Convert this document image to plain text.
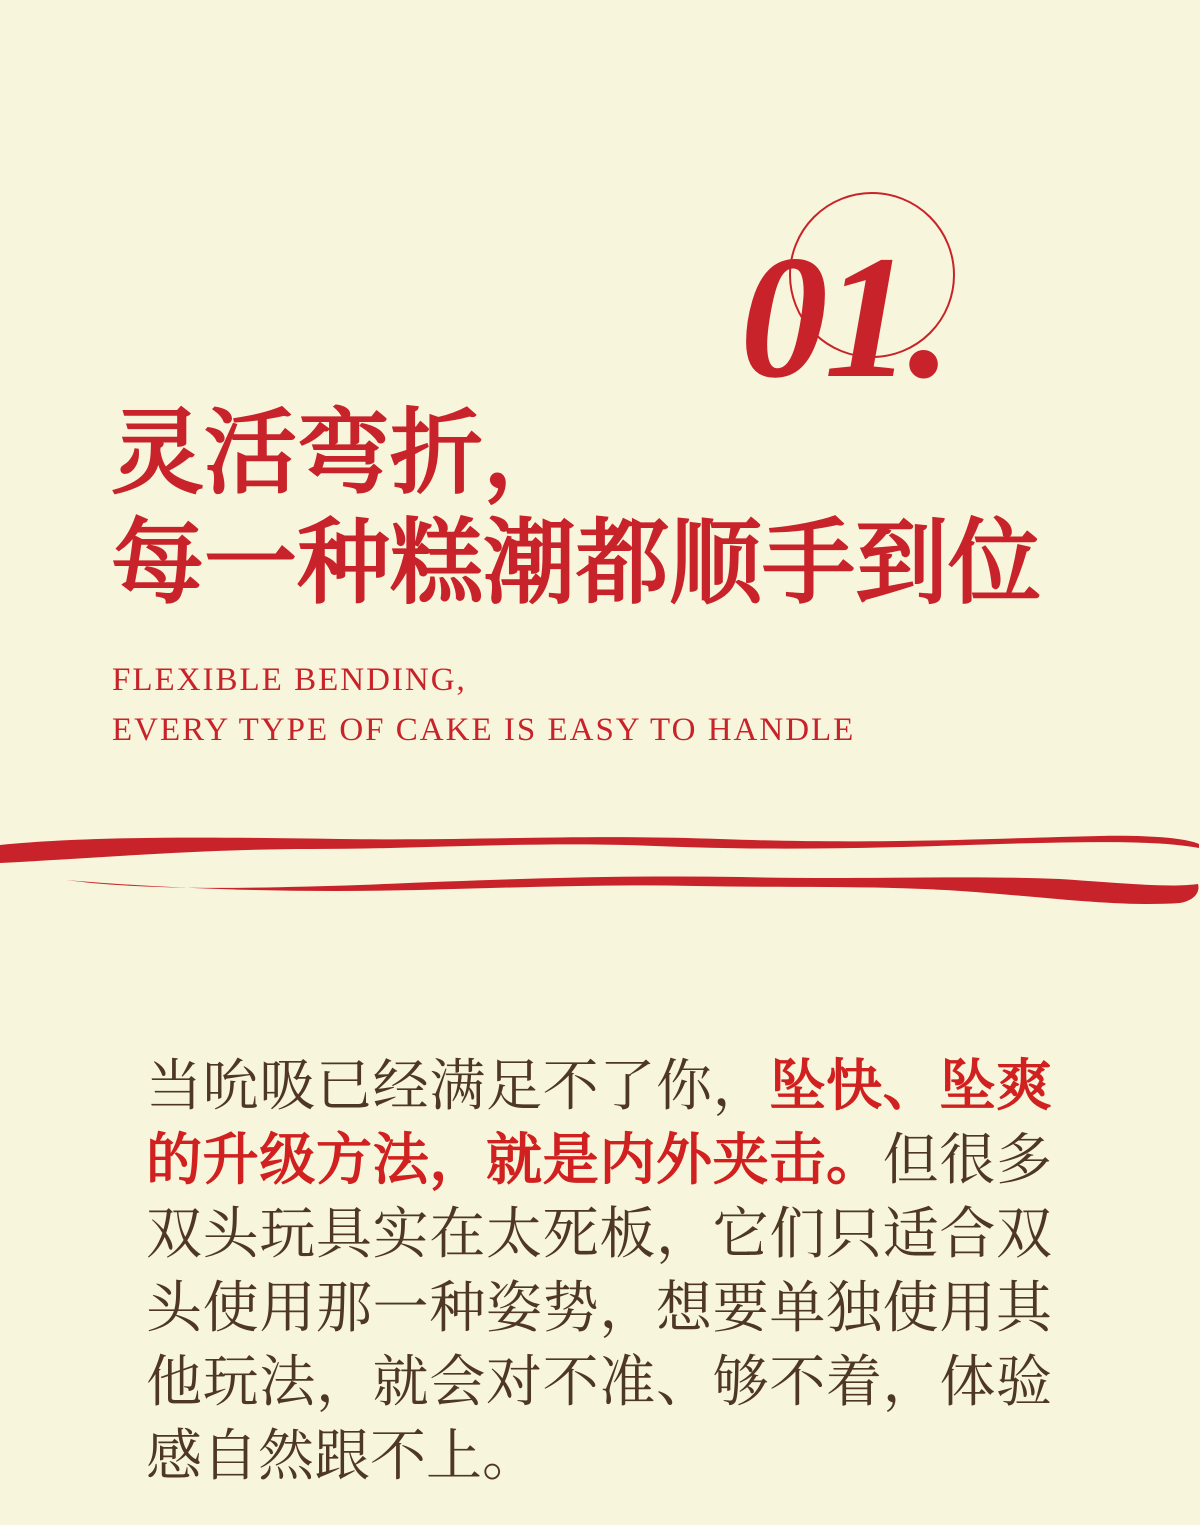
01.
灵活弯折，
每一种糕潮都顺手到位
FLEXIBLE BENDING,
EVERY TYPE OF CAKE IS EASY TO HANDLE

当吮吸已经满足不了你，坠快、坠爽的升级方法，就是内外夹击。但很多双头玩具实在太死板，它们只适合双头使用那一种姿势，想要单独使用其他玩法，就会对不准、够不着，体验感自然跟不上。
